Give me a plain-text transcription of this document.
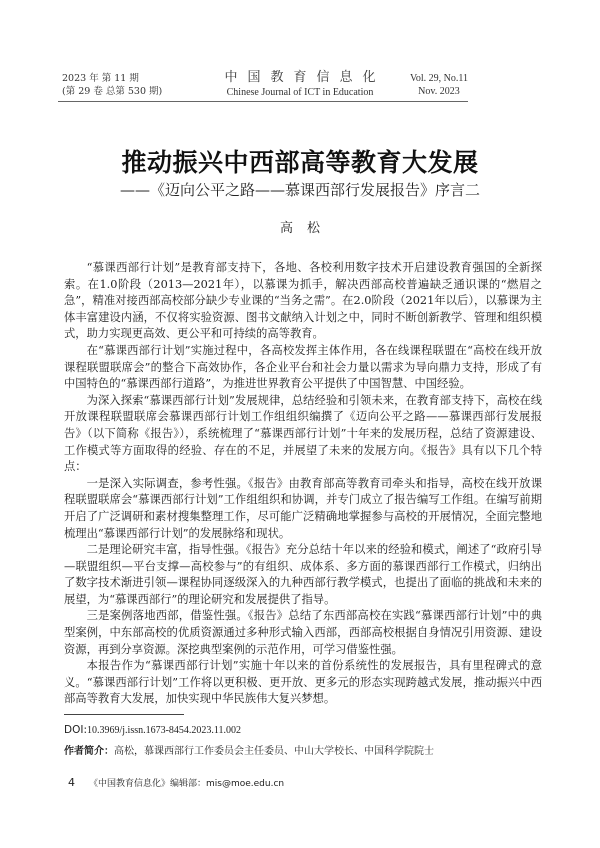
2023 年 第 11 期
(第 29 卷 总第 530 期)
中国教育信息化
Chinese Journal of ICT in Education
Vol. 29, No.11
Nov. 2023
推动振兴中西部高等教育大发展
——《迈向公平之路——慕课西部行发展报告》序言二
高松

“慕课西部行计划”是教育部支持下，各地、各校利用数字技术开启建设教育强国的全新探索。在1.0阶段（2013—2021年），以慕课为抓手，解决西部高校普遍缺乏通识课的“燃眉之急”，精准对接西部高校部分缺少专业课的“当务之需”。在2.0阶段（2021年以后），以慕课为主体丰富建设内涵，不仅将实验资源、图书文献纳入计划之中，同时不断创新教学、管理和组织模式，助力实现更高效、更公平和可持续的高等教育。

在“慕课西部行计划”实施过程中，各高校发挥主体作用，各在线课程联盟在“高校在线开放课程联盟联席会”的整合下高效协作，各企业平台和社会力量以需求为导向鼎力支持，形成了有中国特色的“慕课西部行道路”，为推进世界教育公平提供了中国智慧、中国经验。

为深入探索“慕课西部行计划”发展规律，总结经验和引领未来，在教育部支持下，高校在线开放课程联盟联席会慕课西部行计划工作组组织编撰了《迈向公平之路——慕课西部行发展报告》（以下简称《报告》），系统梳理了“慕课西部行计划”十年来的发展历程，总结了资源建设、工作模式等方面取得的经验、存在的不足，并展望了未来的发展方向。《报告》具有以下几个特点：

一是深入实际调查，参考性强。《报告》由教育部高等教育司牵头和指导，高校在线开放课程联盟联席会“慕课西部行计划”工作组组织和协调，并专门成立了报告编写工作组。在编写前期开启了广泛调研和素材搜集整理工作，尽可能广泛精确地掌握参与高校的开展情况，全面完整地梳理出“慕课西部行计划”的发展脉络和现状。

二是理论研究丰富，指导性强。《报告》充分总结十年以来的经验和模式，阐述了“政府引导—联盟组织—平台支撑—高校参与”的有组织、成体系、多方面的慕课西部行工作模式，归纳出了数字技术渐进引领—课程协同逐级深入的九种西部行教学模式，也提出了面临的挑战和未来的展望，为“慕课西部行”的理论研究和发展提供了指导。

三是案例落地西部，借鉴性强。《报告》总结了东西部高校在实践“慕课西部行计划”中的典型案例，中东部高校的优质资源通过多种形式输入西部，西部高校根据自身情况引用资源、建设资源，再到分享资源。深挖典型案例的示范作用，可学习借鉴性强。

本报告作为“慕课西部行计划”实施十年以来的首份系统性的发展报告，具有里程碑式的意义。“慕课西部行计划”工作将以更积极、更开放、更多元的形态实现跨越式发展，推动振兴中西部高等教育大发展，加快实现中华民族伟大复兴梦想。

DOI:10.3969/j.issn.1673-8454.2023.11.002
作者简介：高松，慕课西部行工作委员会主任委员、中山大学校长、中国科学院院士
4 《中国教育信息化》编辑部：mis@moe.edu.cn
